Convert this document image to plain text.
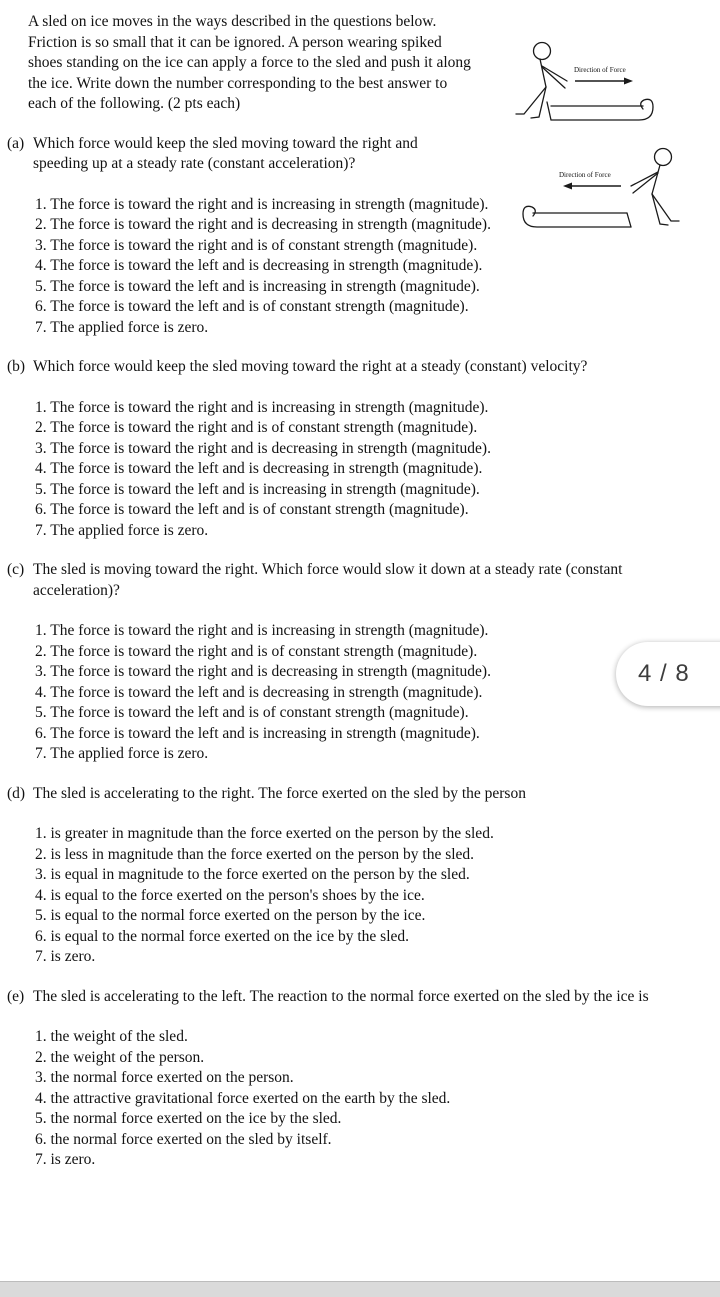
A sled on ice moves in the ways described in the questions below. Friction is so small that it can be ignored. A person wearing spiked shoes standing on the ice can apply a force to the sled and push it along the ice. Write down the number corresponding to the best answer to each of the following. (2 pts each)

Direction of Force
Direction of Force
(a) Which force would keep the sled moving toward the right and speeding up at a steady rate (constant acceleration)?
1. The force is toward the right and is increasing in strength (magnitude).
2. The force is toward the right and is decreasing in strength (magnitude).
3. The force is toward the right and is of constant strength (magnitude).
4. The force is toward the left and is decreasing in strength (magnitude).
5. The force is toward the left and is increasing in strength (magnitude).
6. The force is toward the left and is of constant strength (magnitude).
7. The applied force is zero.
(b) Which force would keep the sled moving toward the right at a steady (constant) velocity?
1. The force is toward the right and is increasing in strength (magnitude).
2. The force is toward the right and is of constant strength (magnitude).
3. The force is toward the right and is decreasing in strength (magnitude).
4. The force is toward the left and is decreasing in strength (magnitude).
5. The force is toward the left and is increasing in strength (magnitude).
6. The force is toward the left and is of constant strength (magnitude).
7. The applied force is zero.
(c) The sled is moving toward the right. Which force would slow it down at a steady rate (constant acceleration)?
1. The force is toward the right and is increasing in strength (magnitude).
2. The force is toward the right and is of constant strength (magnitude).
3. The force is toward the right and is decreasing in strength (magnitude).
4. The force is toward the left and is decreasing in strength (magnitude).
5. The force is toward the left and is of constant strength (magnitude).
6. The force is toward the left and is increasing in strength (magnitude).
7. The applied force is zero.
(d) The sled is accelerating to the right. The force exerted on the sled by the person
1. is greater in magnitude than the force exerted on the person by the sled.
2. is less in magnitude than the force exerted on the person by the sled.
3. is equal in magnitude to the force exerted on the person by the sled.
4. is equal to the force exerted on the person's shoes by the ice.
5. is equal to the normal force exerted on the person by the ice.
6. is equal to the normal force exerted on the ice by the sled.
7. is zero.
(e) The sled is accelerating to the left. The reaction to the normal force exerted on the sled by the ice is
1. the weight of the sled.
2. the weight of the person.
3. the normal force exerted on the person.
4. the attractive gravitational force exerted on the earth by the sled.
5. the normal force exerted on the ice by the sled.
6. the normal force exerted on the sled by itself.
7. is zero.
4 / 8
